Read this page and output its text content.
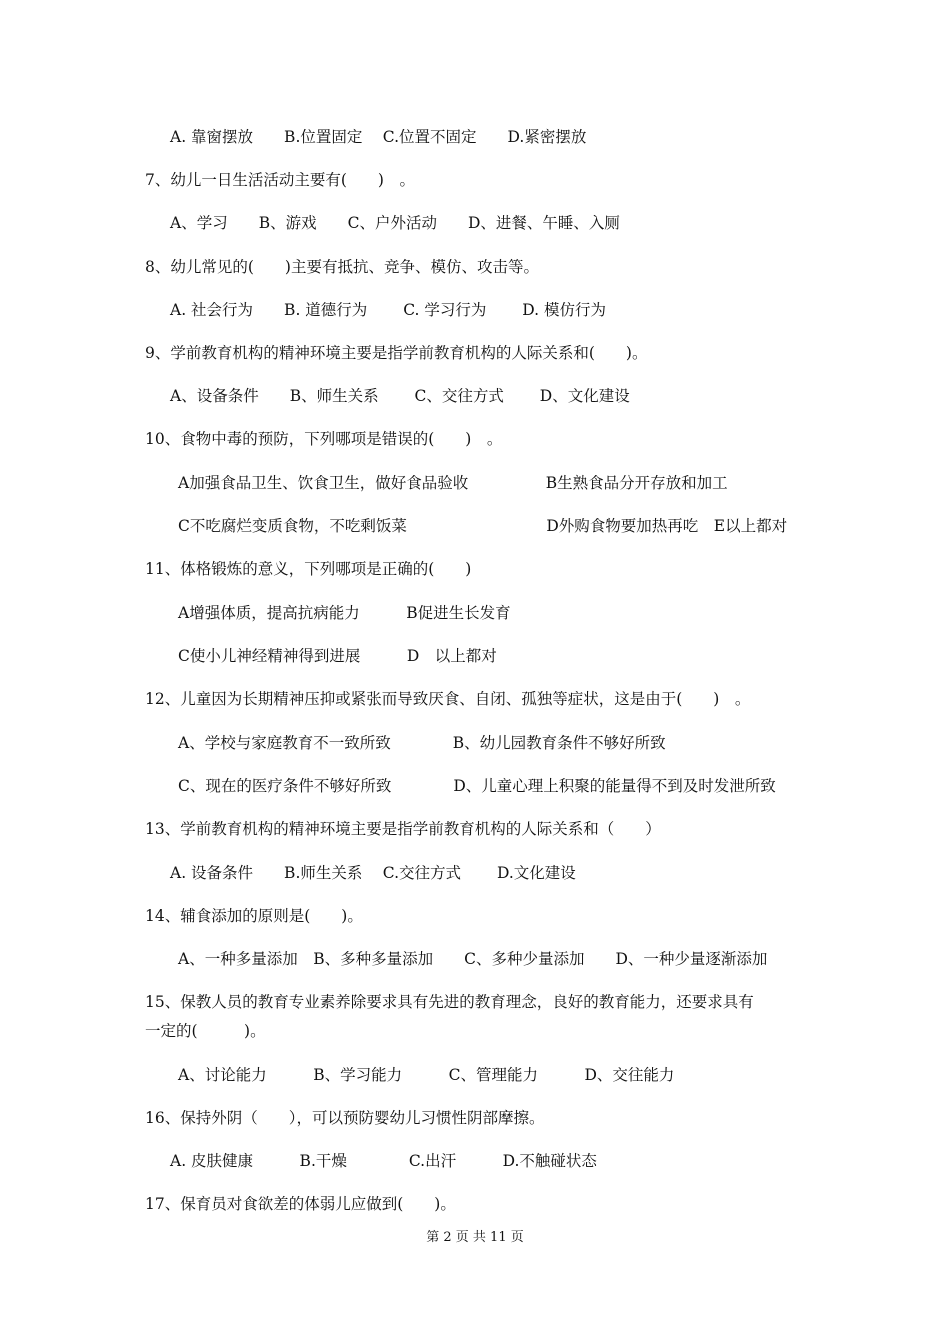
A. 靠窗摆放　　B.位置固定　 C.位置不固定　　D.紧密摆放
7、幼儿一日生活活动主要有(　　)　。
A、学习　　B、游戏　　C、户外活动　　D、进餐、午睡、入厕
8、幼儿常见的(　　)主要有抵抗、竞争、模仿、攻击等。
A. 社会行为　　B. 道德行为　　 C. 学习行为　　 D. 模仿行为
9、学前教育机构的精神环境主要是指学前教育机构的人际关系和(　　)。
A、设备条件　　B、师生关系　　 C、交往方式　　 D、文化建设
10、食物中毒的预防，下列哪项是错误的(　　)　。
A加强食品卫生、饮食卫生，做好食品验收　　　　　B生熟食品分开存放和加工
C不吃腐烂变质食物，不吃剩饭菜　　　　　　　　　D外购食物要加热再吃　E以上都对
11、体格锻炼的意义，下列哪项是正确的(　　)
A增强体质，提高抗病能力　　　B促进生长发育
C使小儿神经精神得到进展　　　D　以上都对
12、儿童因为长期精神压抑或紧张而导致厌食、自闭、孤独等症状，这是由于(　　)　。
A、学校与家庭教育不一致所致　　　　B、幼儿园教育条件不够好所致
C、现在的医疗条件不够好所致　　　　D、儿童心理上积聚的能量得不到及时发泄所致
13、学前教育机构的精神环境主要是指学前教育机构的人际关系和（　　）
A. 设备条件　　B.师生关系　 C.交往方式　　 D.文化建设
14、辅食添加的原则是(　　)。
A、一种多量添加　B、多种多量添加　　C、多种少量添加　　D、一种少量逐渐添加
15、保教人员的教育专业素养除要求具有先进的教育理念，良好的教育能力，还要求具有
一定的(　　　)。
A、讨论能力　　　B、学习能力　　　C、管理能力　　　D、交往能力
16、保持外阴（　　），可以预防婴幼儿习惯性阴部摩擦。
A. 皮肤健康　　　B.干燥　　　　C.出汗　　　D.不触碰状态
17、保育员对食欲差的体弱儿应做到(　　)。
第 2 页 共 11 页
